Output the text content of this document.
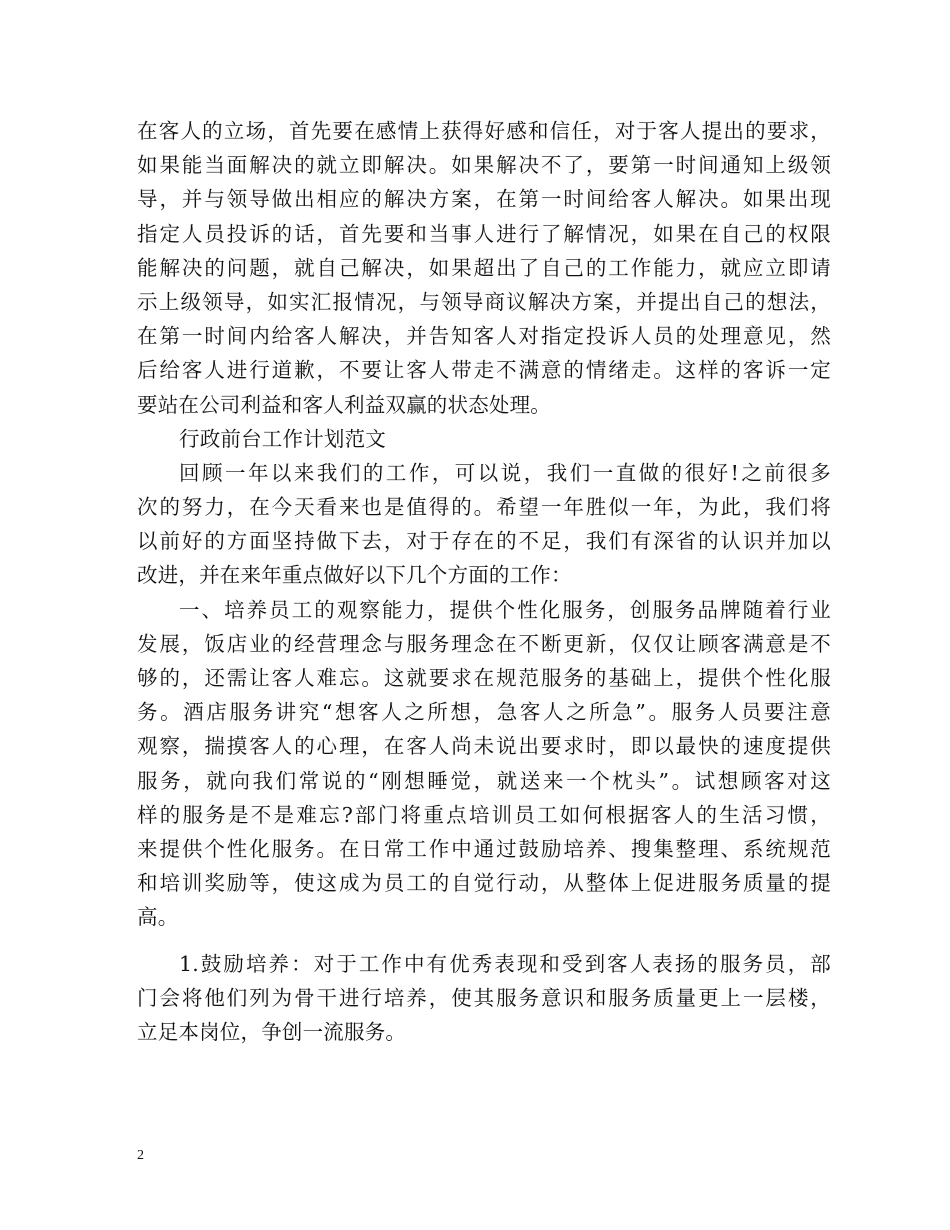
在客人的立场，首先要在感情上获得好感和信任，对于客人提出的要求，
如果能当面解决的就立即解决。如果解决不了，要第一时间通知上级领
导，并与领导做出相应的解决方案，在第一时间给客人解决。如果出现
指定人员投诉的话，首先要和当事人进行了解情况，如果在自己的权限
能解决的问题，就自己解决，如果超出了自己的工作能力，就应立即请
示上级领导，如实汇报情况，与领导商议解决方案，并提出自己的想法，
在第一时间内给客人解决，并告知客人对指定投诉人员的处理意见，然
后给客人进行道歉，不要让客人带走不满意的情绪走。这样的客诉一定
要站在公司利益和客人利益双赢的状态处理。
行政前台工作计划范文
回顾一年以来我们的工作，可以说，我们一直做的很好!之前很多
次的努力，在今天看来也是值得的。希望一年胜似一年，为此，我们将
以前好的方面坚持做下去，对于存在的不足，我们有深省的认识并加以
改进，并在来年重点做好以下几个方面的工作：
一、培养员工的观察能力，提供个性化服务，创服务品牌随着行业
发展，饭店业的经营理念与服务理念在不断更新，仅仅让顾客满意是不
够的，还需让客人难忘。这就要求在规范服务的基础上，提供个性化服
务。酒店服务讲究“想客人之所想，急客人之所急”。服务人员要注意
观察，揣摸客人的心理，在客人尚未说出要求时，即以最快的速度提供
服务，就向我们常说的“刚想睡觉，就送来一个枕头”。试想顾客对这
样的服务是不是难忘?部门将重点培训员工如何根据客人的生活习惯，
来提供个性化服务。在日常工作中通过鼓励培养、搜集整理、系统规范
和培训奖励等，使这成为员工的自觉行动，从整体上促进服务质量的提
高。
1.鼓励培养：对于工作中有优秀表现和受到客人表扬的服务员，部
门会将他们列为骨干进行培养，使其服务意识和服务质量更上一层楼，
立足本岗位，争创一流服务。
2
